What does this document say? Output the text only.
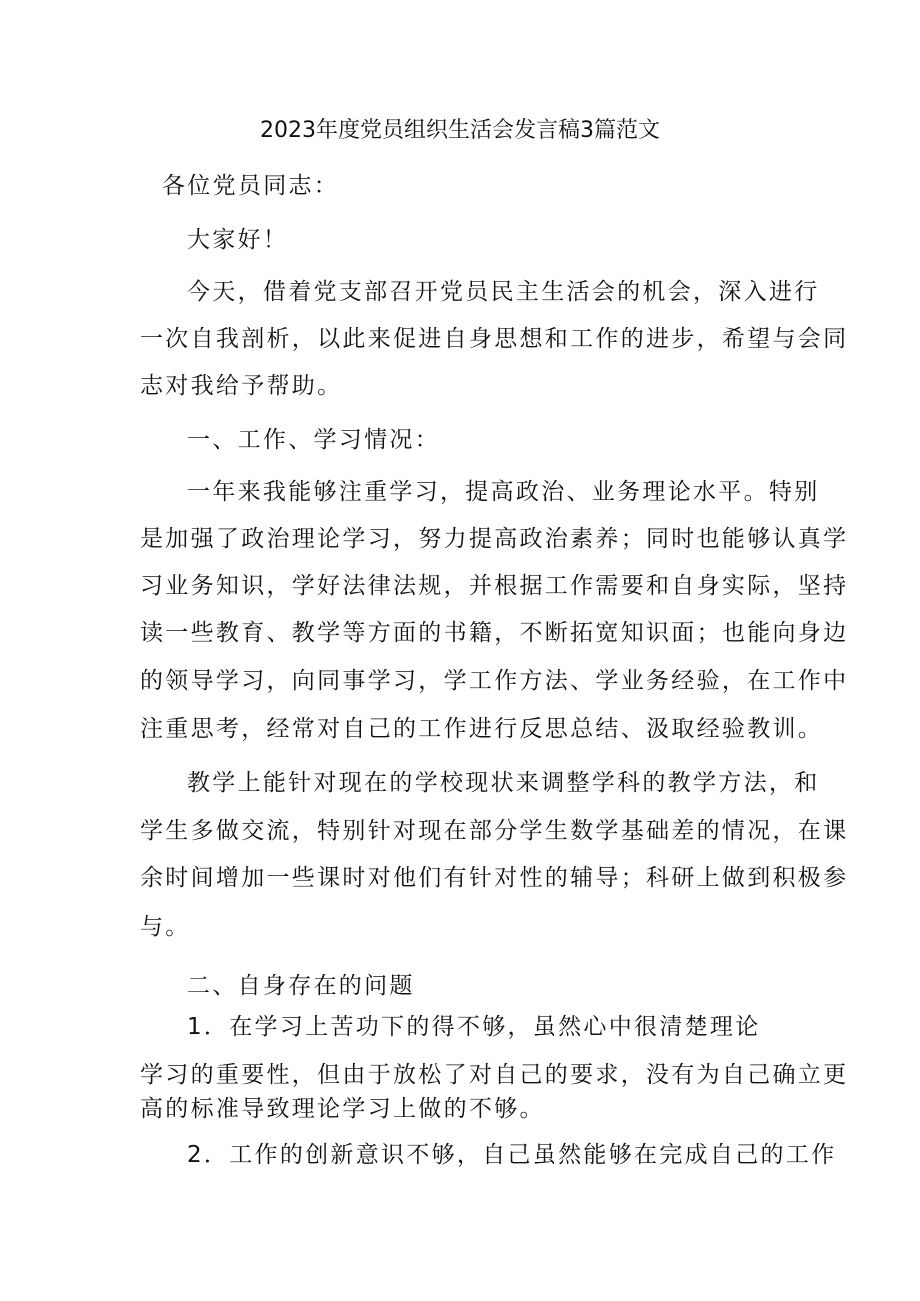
2023年度党员组织生活会发言稿3篇范文
各位党员同志：
大家好！
今天，借着党支部召开党员民主生活会的机会，深入进行
一次自我剖析，以此来促进自身思想和工作的进步，希望与会同
志对我给予帮助。
一、工作、学习情况：
一年来我能够注重学习，提高政治、业务理论水平。特别
是加强了政治理论学习，努力提高政治素养；同时也能够认真学
习业务知识，学好法律法规，并根据工作需要和自身实际，坚持
读一些教育、教学等方面的书籍，不断拓宽知识面；也能向身边
的领导学习，向同事学习，学工作方法、学业务经验，在工作中
注重思考，经常对自己的工作进行反思总结、汲取经验教训。
教学上能针对现在的学校现状来调整学科的教学方法，和
学生多做交流，特别针对现在部分学生数学基础差的情况，在课
余时间增加一些课时对他们有针对性的辅导；科研上做到积极参
与。
二、自身存在的问题
1．在学习上苦功下的得不够，虽然心中很清楚理论
学习的重要性，但由于放松了对自己的要求，没有为自己确立更
高的标准导致理论学习上做的不够。
2．工作的创新意识不够，自己虽然能够在完成自己的工作
